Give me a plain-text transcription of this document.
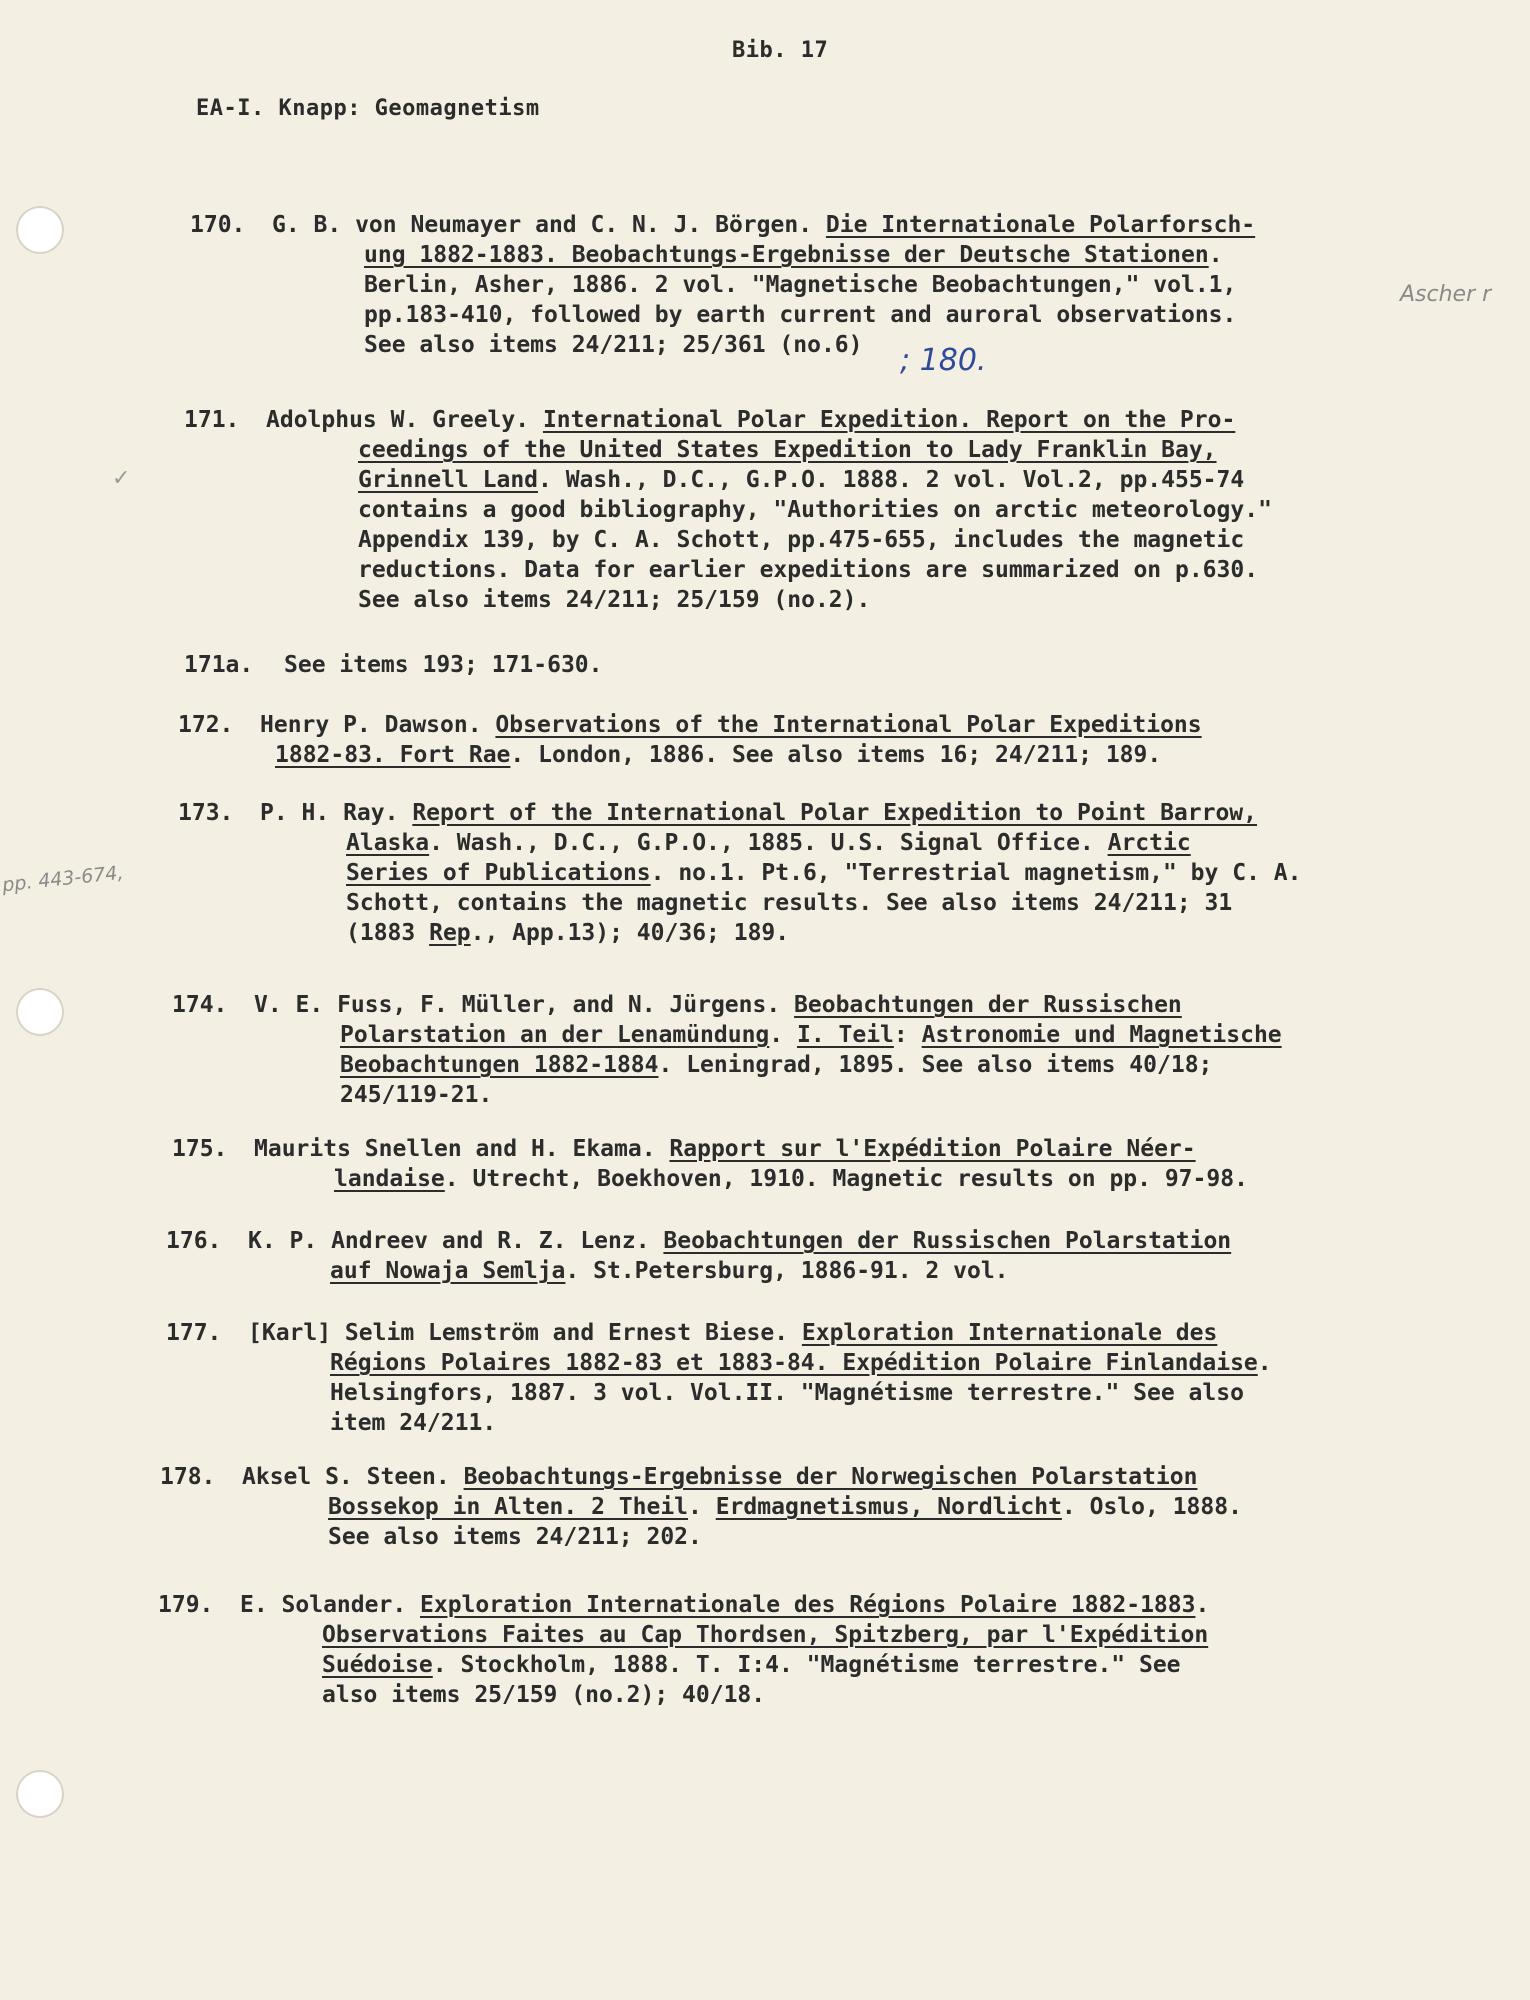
Bib. 17
EA-I. Knapp: Geomagnetism
Ascher r
pp. 443-674,
✓
170. G. B. von Neumayer and C. N. J. Börgen. Die Internationale Polarforsch-
ung 1882-1883. Beobachtungs-Ergebnisse der Deutsche Stationen.
Berlin, Asher, 1886. 2 vol. "Magnetische Beobachtungen," vol.1,
pp.183-410, followed by earth current and auroral observations.
See also items 24/211; 25/361 (no.6)
171. Adolphus W. Greely. International Polar Expedition. Report on the Pro-
ceedings of the United States Expedition to Lady Franklin Bay,
Grinnell Land. Wash., D.C., G.P.O. 1888. 2 vol. Vol.2, pp.455-74
contains a good bibliography, "Authorities on arctic meteorology."
Appendix 139, by C. A. Schott, pp.475-655, includes the magnetic
reductions. Data for earlier expeditions are summarized on p.630.
See also items 24/211; 25/159 (no.2).
171a. See items 193; 171-630.
172. Henry P. Dawson. Observations of the International Polar Expeditions
1882-83. Fort Rae. London, 1886. See also items 16; 24/211; 189.
173. P. H. Ray. Report of the International Polar Expedition to Point Barrow,
Alaska. Wash., D.C., G.P.O., 1885. U.S. Signal Office. Arctic
Series of Publications. no.1. Pt.6, "Terrestrial magnetism," by C. A.
Schott, contains the magnetic results. See also items 24/211; 31
(1883 Rep., App.13); 40/36; 189.
174. V. E. Fuss, F. Müller, and N. Jürgens. Beobachtungen der Russischen
Polarstation an der Lenamündung. I. Teil: Astronomie und Magnetische
Beobachtungen 1882-1884. Leningrad, 1895. See also items 40/18;
245/119-21.
175. Maurits Snellen and H. Ekama. Rapport sur l'Expédition Polaire Néer-
landaise. Utrecht, Boekhoven, 1910. Magnetic results on pp. 97-98.
176. K. P. Andreev and R. Z. Lenz. Beobachtungen der Russischen Polarstation
auf Nowaja Semlja. St.Petersburg, 1886-91. 2 vol.
177. [Karl] Selim Lemström and Ernest Biese. Exploration Internationale des
Régions Polaires 1882-83 et 1883-84. Expédition Polaire Finlandaise.
Helsingfors, 1887. 3 vol. Vol.II. "Magnétisme terrestre." See also
item 24/211.
178. Aksel S. Steen. Beobachtungs-Ergebnisse der Norwegischen Polarstation
Bossekop in Alten. 2 Theil. Erdmagnetismus, Nordlicht. Oslo, 1888.
See also items 24/211; 202.
179. E. Solander. Exploration Internationale des Régions Polaire 1882-1883.
Observations Faites au Cap Thordsen, Spitzberg, par l'Expédition
Suédoise. Stockholm, 1888. T. I:4. "Magnétisme terrestre." See
also items 25/159 (no.2); 40/18.
; 180.
